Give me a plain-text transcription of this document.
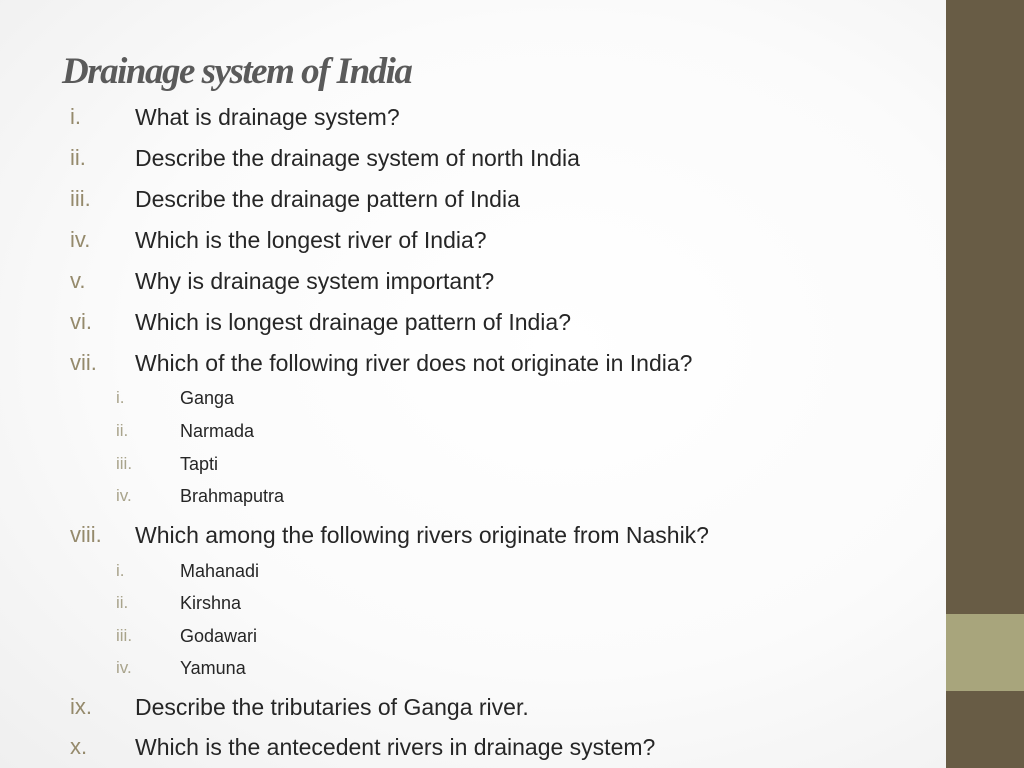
Drainage system of India
i. What is drainage system?
ii. Describe the drainage system of north India
iii. Describe the drainage pattern of India
iv. Which is the longest river of India?
v. Why is drainage system important?
vi. Which is longest drainage pattern of India?
vii. Which of the following river does not originate in India?
i.	Ganga
ii.	Narmada
iii.	Tapti
iv.	Brahmaputra
viii. Which among the following rivers originate from Nashik?
i.	Mahanadi
ii.	Kirshna
iii.	Godawari
iv.	Yamuna
ix. Describe the tributaries of Ganga river.
x. Which is the antecedent rivers in drainage system?
